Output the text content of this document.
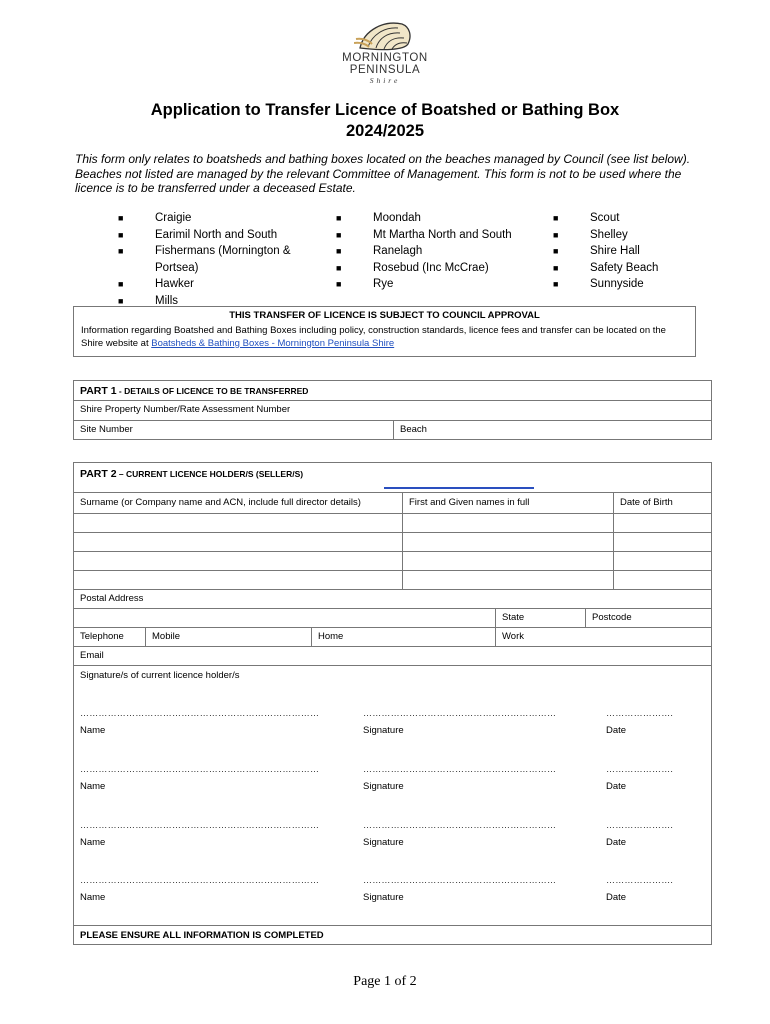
MORNINGTON
PENINSULA
Shire
Application to Transfer Licence of Boatshed or Bathing Box
2024/2025
This form only relates to boatsheds and bathing boxes located on the beaches managed by Council (see list below). Beaches not listed are managed by the relevant Committee of Management. This form is not to be used where the licence is to be transferred under a deceased Estate.
■ Craigie
■ Earimil North and South
■ Fishermans (Mornington & Portsea)
■ Hawker
■ Mills
■ Moondah
■ Mt Martha North and South
■ Ranelagh
■ Rosebud (Inc McCrae)
■ Rye
■ Scout
■ Shelley
■ Shire Hall
■ Safety Beach
■ Sunnyside
THIS TRANSFER OF LICENCE IS SUBJECT TO COUNCIL APPROVAL
Information regarding Boatshed and Bathing Boxes including policy, construction standards, licence fees and transfer can be located on the Shire website at Boatsheds & Bathing Boxes - Mornington Peninsula Shire
PART 1 - DETAILS OF LICENCE TO BE TRANSFERRED
Shire Property Number/Rate Assessment Number
Site Number	Beach
PART 2 – CURRENT LICENCE HOLDER/S (SELLER/S)
Surname (or Company name and ACN, include full director details)	First and Given names in full	Date of Birth
Postal Address
State	Postcode
Telephone	Mobile	Home	Work
Email
Signature/s of current licence holder/s
PLEASE ENSURE ALL INFORMATION IS COMPLETED
……………………………………………………………………	………………………………………………………	………………….
Name	Signature	Date
……………………………………………………………………	………………………………………………………	………………….
Name	Signature	Date
……………………………………………………………………	………………………………………………………	………………….
Name	Signature	Date
……………………………………………………………………	………………………………………………………	………………….
Name	Signature	Date
Page 1 of 2
